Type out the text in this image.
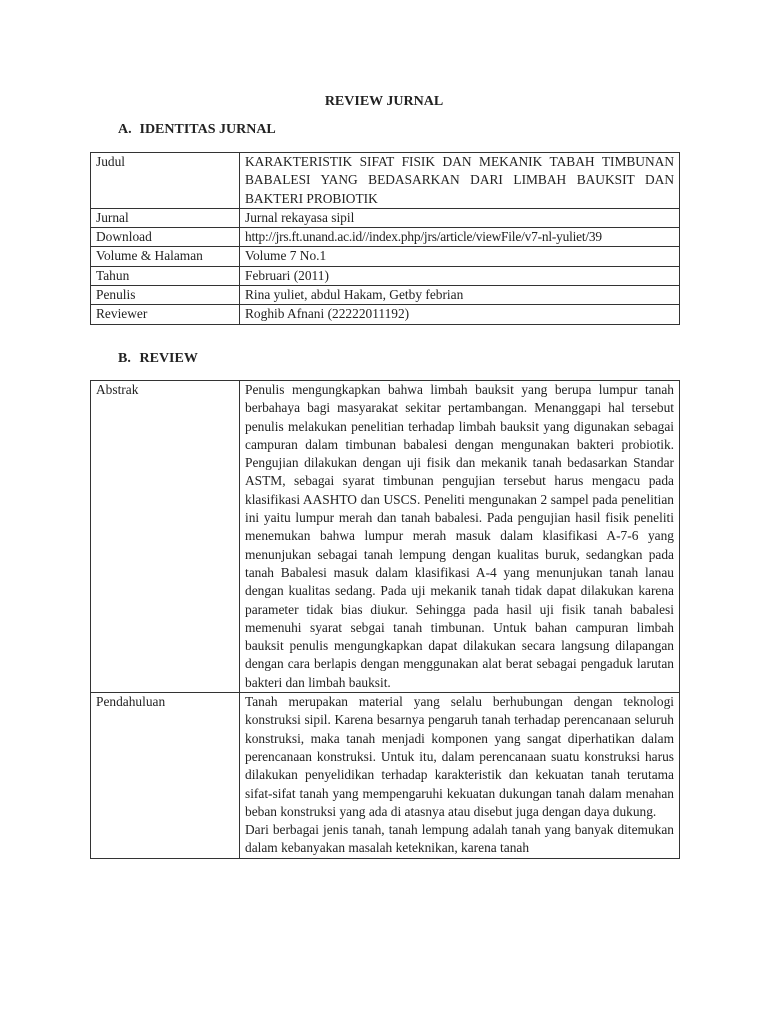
REVIEW JURNAL
A. IDENTITAS JURNAL
Judul	KARAKTERISTIK SIFAT FISIK DAN MEKANIK TABAH TIMBUNAN BABALESI YANG BEDASARKAN DARI LIMBAH BAUKSIT DAN BAKTERI PROBIOTIK
Jurnal	Jurnal rekayasa sipil
Download	http://jrs.ft.unand.ac.id//index.php/jrs/article/viewFile/v7-nl-yuliet/39
Volume & Halaman	Volume 7 No.1
Tahun	Februari (2011)
Penulis	Rina yuliet, abdul Hakam, Getby febrian
Reviewer	Roghib Afnani (22222011192)
B. REVIEW
Abstrak	Penulis mengungkapkan bahwa limbah bauksit yang berupa lumpur tanah berbahaya bagi masyarakat sekitar pertambangan. Menanggapi hal tersebut penulis melakukan penelitian terhadap limbah bauksit yang digunakan sebagai campuran dalam timbunan babalesi dengan mengunakan bakteri probiotik. Pengujian dilakukan dengan uji fisik dan mekanik tanah bedasarkan Standar ASTM, sebagai syarat timbunan pengujian tersebut harus mengacu pada klasifikasi AASHTO dan USCS. Peneliti mengunakan 2 sampel pada penelitian ini yaitu lumpur merah dan tanah babalesi. Pada pengujian hasil fisik peneliti menemukan bahwa lumpur merah masuk dalam klasifikasi A-7-6 yang menunjukan sebagai tanah lempung dengan kualitas buruk, sedangkan pada tanah Babalesi masuk dalam klasifikasi A-4 yang menunjukan tanah lanau dengan kualitas sedang. Pada uji mekanik tanah tidak dapat dilakukan karena parameter tidak bias diukur. Sehingga pada hasil uji fisik tanah babalesi memenuhi syarat sebgai tanah timbunan. Untuk bahan campuran limbah bauksit penulis mengungkapkan dapat dilakukan secara langsung dilapangan dengan cara berlapis dengan menggunakan alat berat sebagai pengaduk larutan bakteri dan limbah bauksit.

Pendahuluan	Tanah merupakan material yang selalu berhubungan dengan teknologi konstruksi sipil. Karena besarnya pengaruh tanah terhadap perencanaan seluruh konstruksi, maka tanah menjadi komponen yang sangat diperhatikan dalam perencanaan konstruksi. Untuk itu, dalam perencanaan suatu konstruksi harus dilakukan penyelidikan terhadap karakteristik dan kekuatan tanah terutama sifat-sifat tanah yang mempengaruhi kekuatan dukungan tanah dalam menahan beban konstruksi yang ada di atasnya atau disebut juga dengan daya dukung.
Dari berbagai jenis tanah, tanah lempung adalah tanah yang banyak ditemukan dalam kebanyakan masalah keteknikan, karena tanah
